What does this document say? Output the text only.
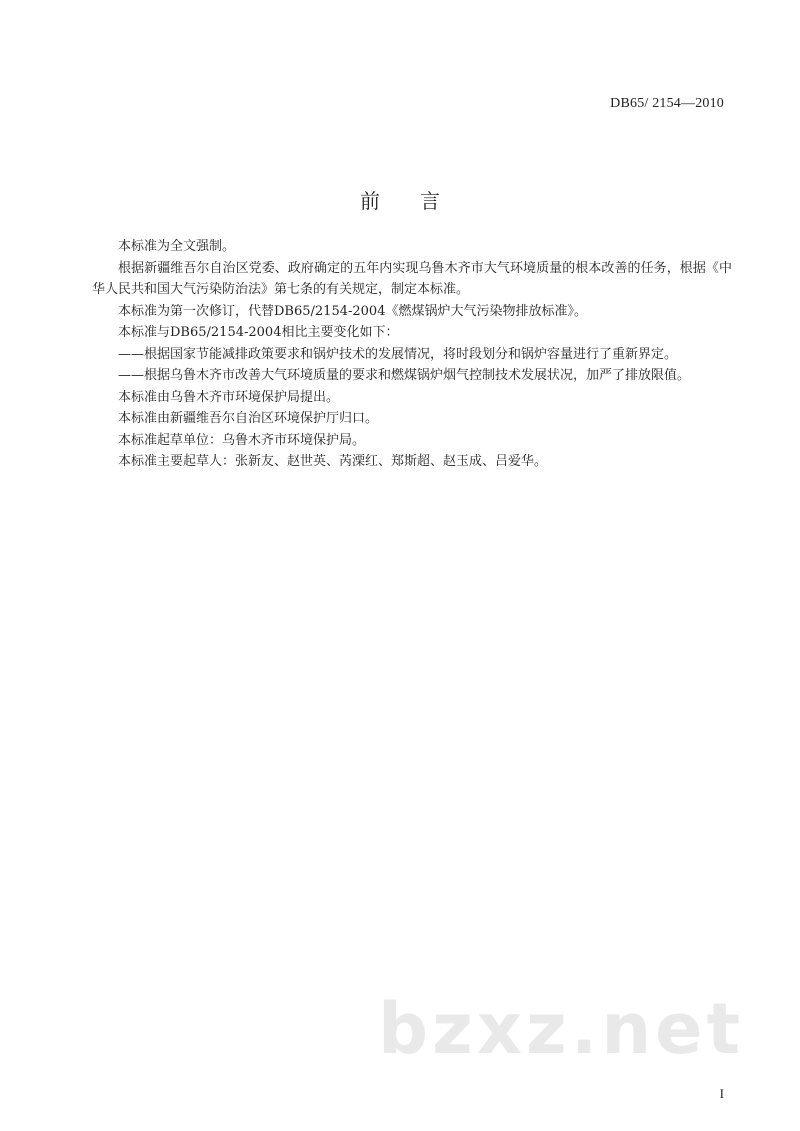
DB65/ 2154—2010
前言

本标准为全文强制。

根据新疆维吾尔自治区党委、政府确定的五年内实现乌鲁木齐市大气环境质量的根本改善的任务，根据《中华人民共和国大气污染防治法》第七条的有关规定，制定本标准。

本标准为第一次修订，代替DB65/2154-2004《燃煤锅炉大气污染物排放标准》。

本标准与DB65/2154-2004相比主要变化如下：

——根据国家节能减排政策要求和锅炉技术的发展情况，将时段划分和锅炉容量进行了重新界定。

——根据乌鲁木齐市改善大气环境质量的要求和燃煤锅炉烟气控制技术发展状况，加严了排放限值。

本标准由乌鲁木齐市环境保护局提出。

本标准由新疆维吾尔自治区环境保护厅归口。

本标准起草单位：乌鲁木齐市环境保护局。

本标准主要起草人：张新友、赵世英、芮溧红、郑斯超、赵玉成、吕爱华。

bzxz.net
I
